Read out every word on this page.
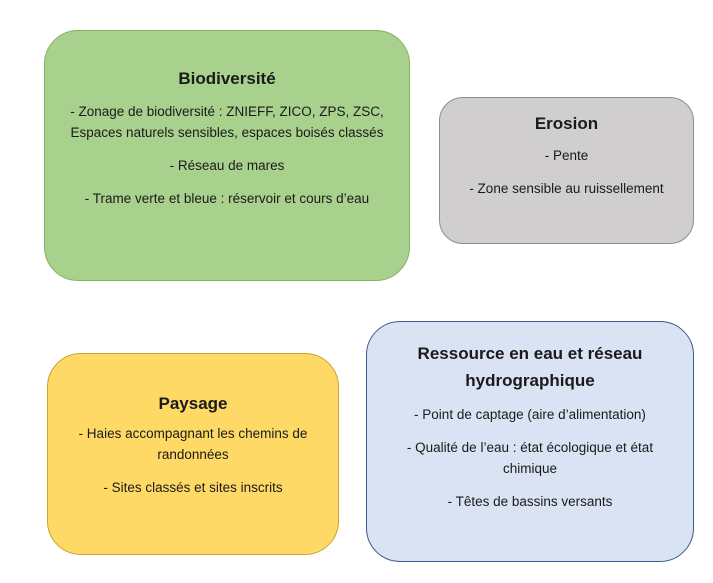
Biodiversité
- Zonage de biodiversité : ZNIEFF, ZICO, ZPS, ZSC, Espaces naturels sensibles, espaces boisés classés
- Réseau de mares
- Trame verte et bleue : réservoir et cours d’eau
Erosion
- Pente
- Zone sensible au ruissellement
Paysage
- Haies accompagnant les chemins de randonnées
- Sites classés et sites inscrits
Ressource en eau et réseau hydrographique
- Point de captage (aire d’alimentation)
- Qualité de l’eau : état écologique et état chimique
- Têtes de bassins versants
